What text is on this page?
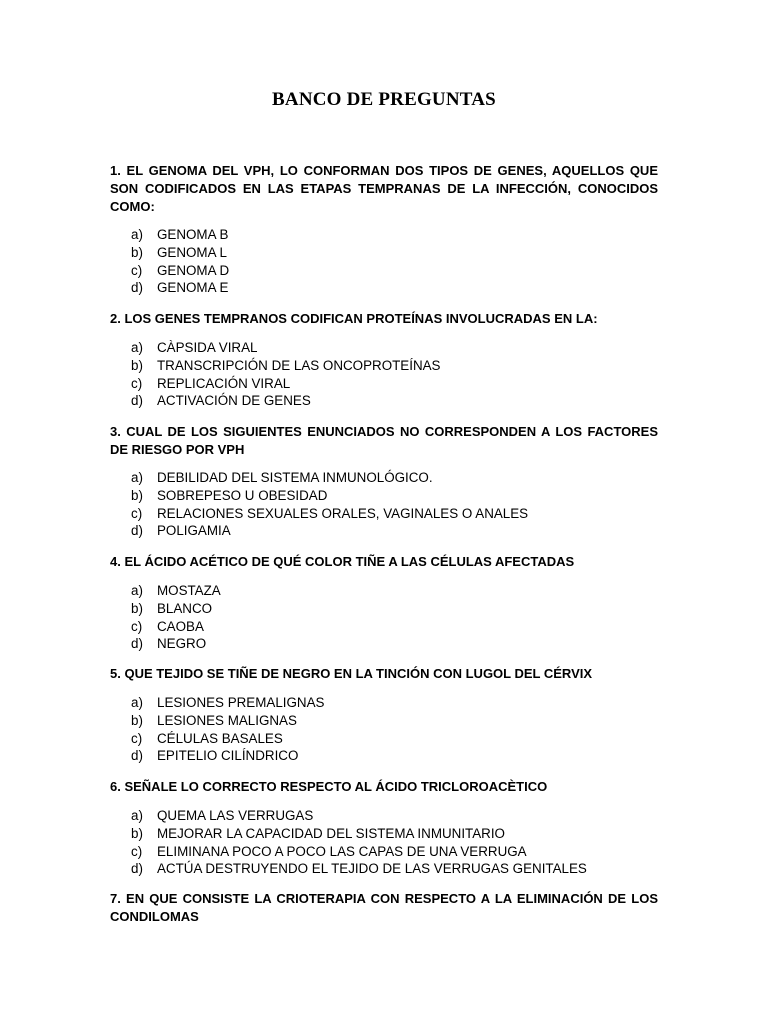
BANCO DE PREGUNTAS
1. EL GENOMA DEL VPH, LO CONFORMAN DOS TIPOS DE GENES, AQUELLOS QUE SON CODIFICADOS EN LAS ETAPAS TEMPRANAS DE LA INFECCIÓN, CONOCIDOS COMO:
a)	GENOMA B
b)	GENOMA L
c)	GENOMA D
d)	GENOMA E
2. LOS GENES TEMPRANOS CODIFICAN PROTEÍNAS INVOLUCRADAS EN LA:
a)	CÀPSIDA VIRAL
b)	TRANSCRIPCIÓN DE LAS ONCOPROTEÍNAS
c)	REPLICACIÓN VIRAL
d)	ACTIVACIÓN DE GENES
3. CUAL DE LOS SIGUIENTES ENUNCIADOS NO CORRESPONDEN A LOS FACTORES DE RIESGO POR VPH
a)	DEBILIDAD DEL SISTEMA INMUNOLÓGICO.
b)	SOBREPESO U OBESIDAD
c)	RELACIONES SEXUALES ORALES, VAGINALES O ANALES
d)	POLIGAMIA
4. EL ÁCIDO ACÉTICO DE QUÉ COLOR TIÑE A LAS CÉLULAS AFECTADAS
a)	MOSTAZA
b)	BLANCO
c)	CAOBA
d)	NEGRO
5. QUE TEJIDO SE TIÑE DE NEGRO EN LA TINCIÓN CON LUGOL DEL CÉRVIX
a)	LESIONES PREMALIGNAS
b)	LESIONES MALIGNAS
c)	CÉLULAS BASALES
d)	EPITELIO CILÍNDRICO
6. SEÑALE LO CORRECTO RESPECTO AL ÁCIDO TRICLOROACÈTICO
a)	QUEMA LAS VERRUGAS
b)	MEJORAR LA CAPACIDAD DEL SISTEMA INMUNITARIO
c)	ELIMINANA POCO A POCO LAS CAPAS DE UNA VERRUGA
d)	ACTÚA DESTRUYENDO EL TEJIDO DE LAS VERRUGAS GENITALES
7. EN QUE CONSISTE LA CRIOTERAPIA CON RESPECTO A LA ELIMINACIÓN DE LOS CONDILOMAS
